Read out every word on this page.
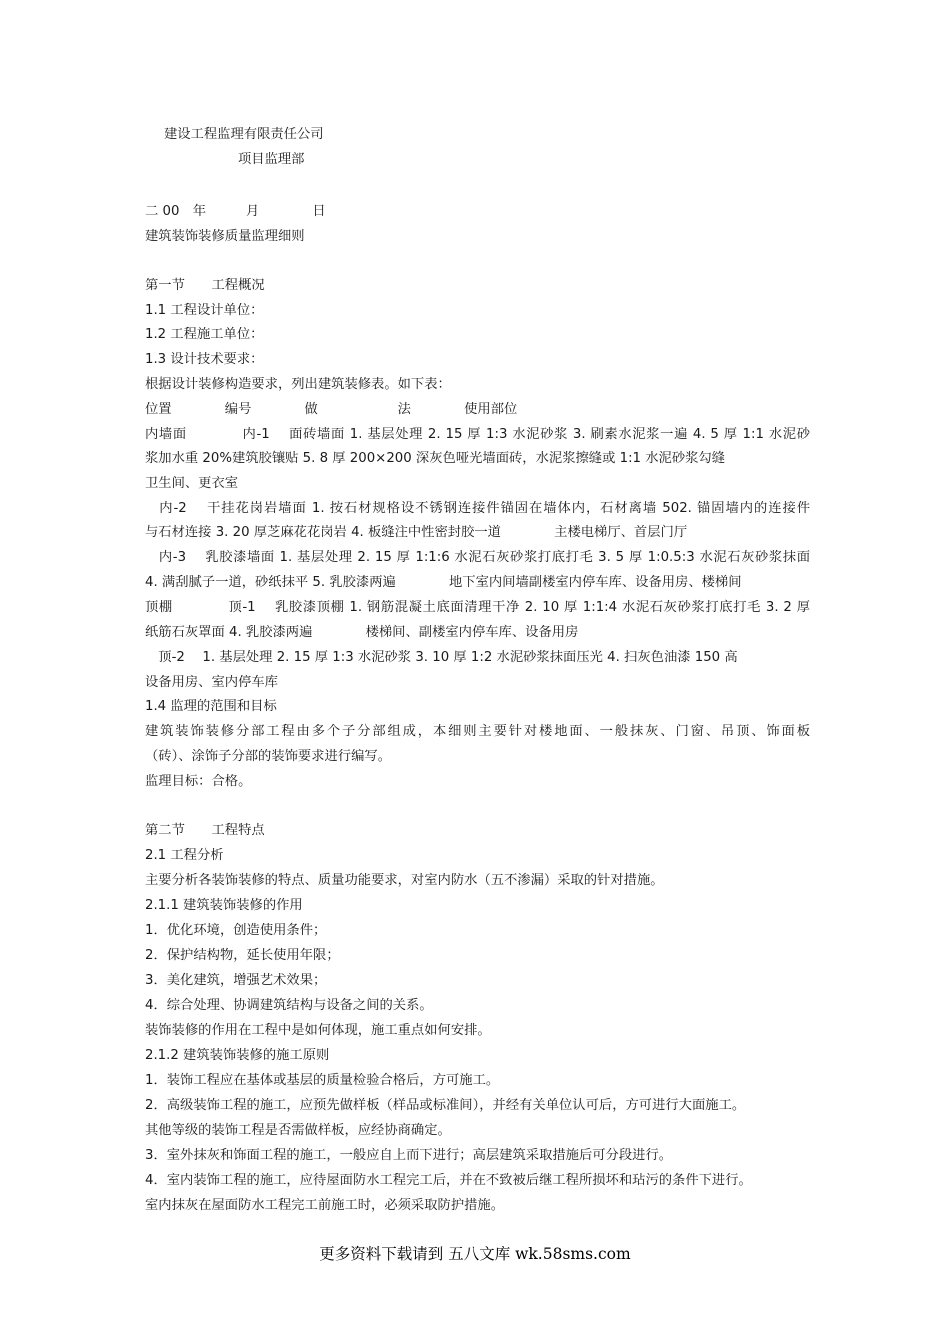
建设工程监理有限责任公司
项目监理部
二 00　年　　　月　　　　日
建筑装饰装修质量监理细则
第一节　　工程概况
1.1 工程设计单位：
1.2 工程施工单位：
1.3 设计技术要求：
根据设计装修构造要求，列出建筑装修表。如下表：
位置　　　　编号　　　　做　　　　　　法　　　　使用部位
内墙面　　　　内-1　 面砖墙面 1. 基层处理 2. 15 厚 1:3 水泥砂浆 3. 刷素水泥浆一遍 4. 5 厚 1:1 水泥砂
浆加水重 20%建筑胶镶贴 5. 8 厚 200×200 深灰色哑光墙面砖，水泥浆擦缝或 1:1 水泥砂浆勾缝
卫生间、更衣室
　内-2　 干挂花岗岩墙面 1. 按石材规格设不锈钢连接件锚固在墙体内，石材离墙 502. 锚固墙内的连接件
与石材连接 3. 20 厚芝麻花花岗岩 4. 板缝注中性密封胶一道　　　　主楼电梯厅、首层门厅
　内-3　 乳胶漆墙面 1. 基层处理 2. 15 厚 1:1:6 水泥石灰砂浆打底打毛 3. 5 厚 1:0.5:3 水泥石灰砂浆抹面
4. 满刮腻子一道，砂纸抹平 5. 乳胶漆两遍　　　　地下室内间墙副楼室内停车库、设备用房、楼梯间
顶棚　　　　顶-1　 乳胶漆顶棚 1. 钢筋混凝土底面清理干净 2. 10 厚 1:1:4 水泥石灰砂浆打底打毛 3. 2 厚
纸筋石灰罩面 4. 乳胶漆两遍　　　　楼梯间、副楼室内停车库、设备用房
　顶-2　 1. 基层处理 2. 15 厚 1:3 水泥砂浆 3. 10 厚 1:2 水泥砂浆抹面压光 4. 扫灰色油漆 150 高
设备用房、室内停车库
1.4 监理的范围和目标
建筑装饰装修分部工程由多个子分部组成，本细则主要针对楼地面、一般抹灰、门窗、吊顶、饰面板
（砖）、涂饰子分部的装饰要求进行编写。
监理目标：合格。
第二节　　工程特点
2.1 工程分析
主要分析各装饰装修的特点、质量功能要求，对室内防水（五不渗漏）采取的针对措施。
2.1.1 建筑装饰装修的作用
1．优化环境，创造使用条件；
2．保护结构物，延长使用年限；
3．美化建筑，增强艺术效果；
4．综合处理、协调建筑结构与设备之间的关系。
装饰装修的作用在工程中是如何体现，施工重点如何安排。
2.1.2 建筑装饰装修的施工原则
1．装饰工程应在基体或基层的质量检验合格后，方可施工。
2．高级装饰工程的施工，应预先做样板（样品或标准间），并经有关单位认可后，方可进行大面施工。
其他等级的装饰工程是否需做样板，应经协商确定。
3．室外抹灰和饰面工程的施工，一般应自上而下进行；高层建筑采取措施后可分段进行。
4．室内装饰工程的施工，应待屋面防水工程完工后，并在不致被后继工程所损坏和玷污的条件下进行。
室内抹灰在屋面防水工程完工前施工时，必须采取防护措施。
更多资料下载请到 五八文库 wk.58sms.com
